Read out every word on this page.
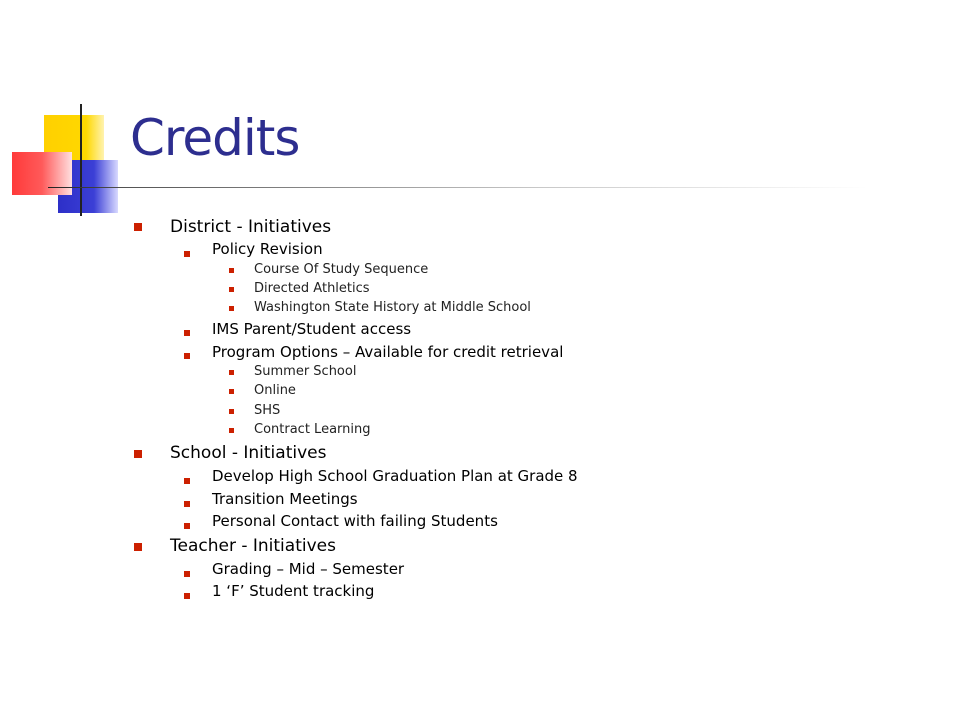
Credits
District - Initiatives
Policy Revision
Course Of Study Sequence
Directed Athletics
Washington State History at Middle School
IMS Parent/Student access
Program Options – Available for credit retrieval
Summer School
Online
SHS
Contract Learning
School - Initiatives
Develop High School Graduation Plan at Grade 8
Transition Meetings
Personal Contact with failing Students
Teacher - Initiatives
Grading – Mid – Semester
1 ‘F’ Student tracking
